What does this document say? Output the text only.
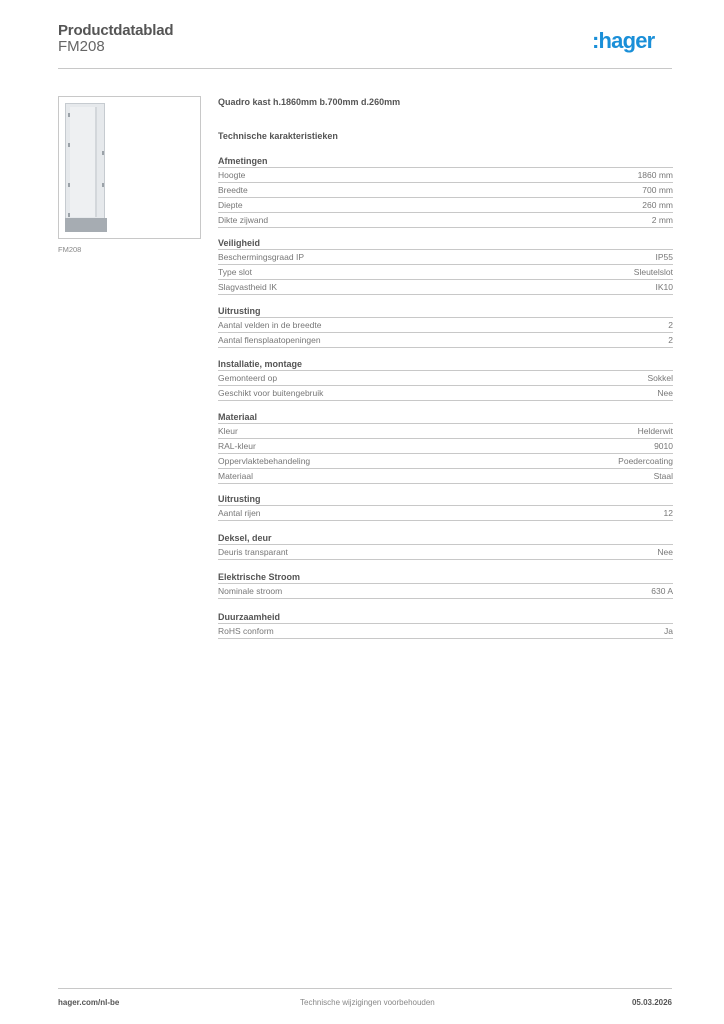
Productdatablad
FM208	:hager
FM208
Quadro kast h.1860mm b.700mm d.260mm
Technische karakteristieken
Afmetingen
Hoogte	1860 mm
Breedte	700 mm
Diepte	260 mm
Dikte zijwand	2 mm
Veiligheid
Beschermingsgraad IP	IP55
Type slot	Sleutelslot
Slagvastheid IK	IK10
Uitrusting
Aantal velden in de breedte	2
Aantal flensplaatopeningen	2
Installatie, montage
Gemonteerd op	Sokkel
Geschikt voor buitengebruik	Nee
Materiaal
Kleur	Helderwit
RAL-kleur	9010
Oppervlaktebehandeling	Poedercoating
Materiaal	Staal
Uitrusting
Aantal rijen	12
Deksel, deur
Deuris transparant	Nee
Elektrische Stroom
Nominale stroom	630 A
Duurzaamheid
RoHS conform	Ja
hager.com/nl-be	Technische wijzigingen voorbehouden	05.03.2026
